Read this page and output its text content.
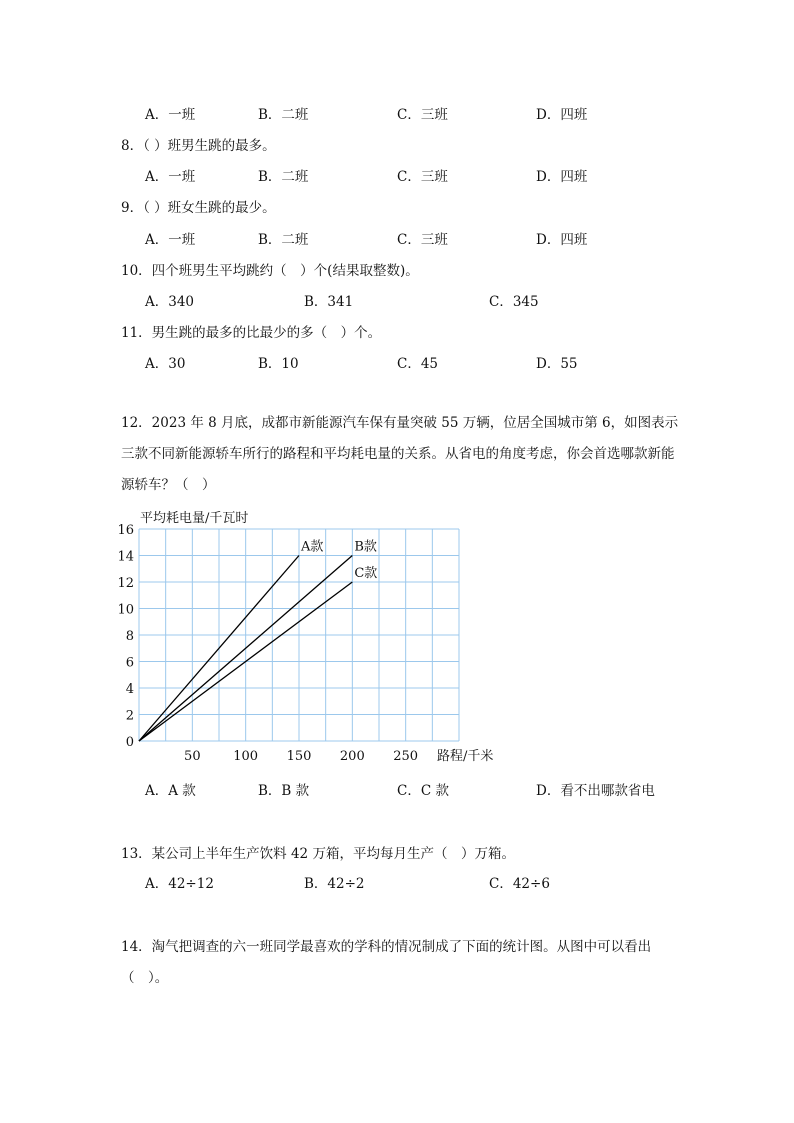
A．一班	B．二班	C．三班	D．四班
8．（ ）班男生跳的最多。
A．一班	B．二班	C．三班	D．四班
9．（ ）班女生跳的最少。
A．一班	B．二班	C．三班	D．四班
10．四个班男生平均跳约（　）个(结果取整数)。
A．340	B．341	C．345
11．男生跳的最多的比最少的多（　）个。
A．30	B．10	C．45	D．55
12．2023 年 8 月底，成都市新能源汽车保有量突破 55 万辆，位居全国城市第 6，如图表示三款不同新能源轿车所行的路程和平均耗电量的关系。从省电的角度考虑，你会首选哪款新能源轿车？（　）
50	100 150 200 250
0
2
4
6
8
10
12
14
16
A款 B款
C款
平均耗电量/千瓦时
路程/千米
A．A 款	B．B 款	C．C 款	D．看不出哪款省电
13．某公司上半年生产饮料 42 万箱，平均每月生产（　）万箱。
A．42÷12	B．42÷2	C．42÷6
14．淘气把调查的六一班同学最喜欢的学科的情况制成了下面的统计图。从图中可以看出（　）。
